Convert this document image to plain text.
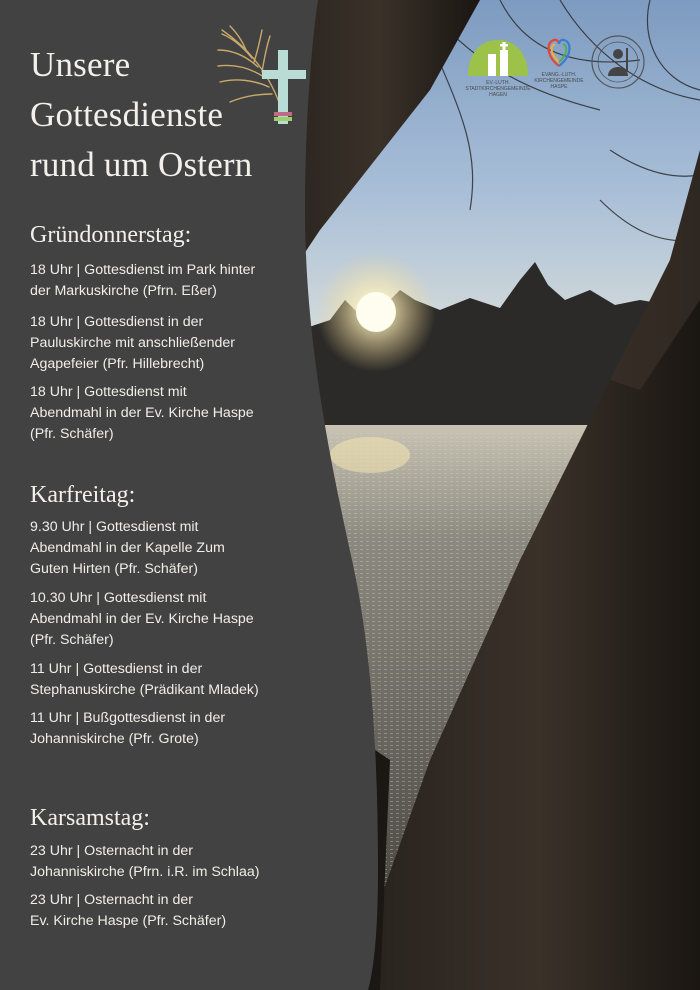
EV.-LUTH. STADTKIRCHENGEMEINDE HAGEN
EVANG.-LUTH. KIRCHENGEMEINDE HASPE
Unsere
Gottesdienste
rund um Ostern
Gründonnerstag:
18 Uhr | Gottesdienst im Park hinter
der Markuskirche (Pfrn. Eßer)
18 Uhr | Gottesdienst in der
Pauluskirche mit anschließender
Agapefeier (Pfr. Hillebrecht)
18 Uhr | Gottesdienst mit
Abendmahl in der Ev. Kirche Haspe
(Pfr. Schäfer)
Karfreitag:
9.30 Uhr | Gottesdienst mit
Abendmahl in der Kapelle Zum
Guten Hirten (Pfr. Schäfer)
10.30 Uhr | Gottesdienst mit
Abendmahl in der Ev. Kirche Haspe
(Pfr. Schäfer)
11 Uhr | Gottesdienst in der
Stephanuskirche (Prädikant Mladek)
11 Uhr | Bußgottesdienst in der
Johanniskirche (Pfr. Grote)
Karsamstag:
23 Uhr | Osternacht in der
Johanniskirche (Pfrn. i.R. im Schlaa)
23 Uhr | Osternacht in der
Ev. Kirche Haspe (Pfr. Schäfer)
